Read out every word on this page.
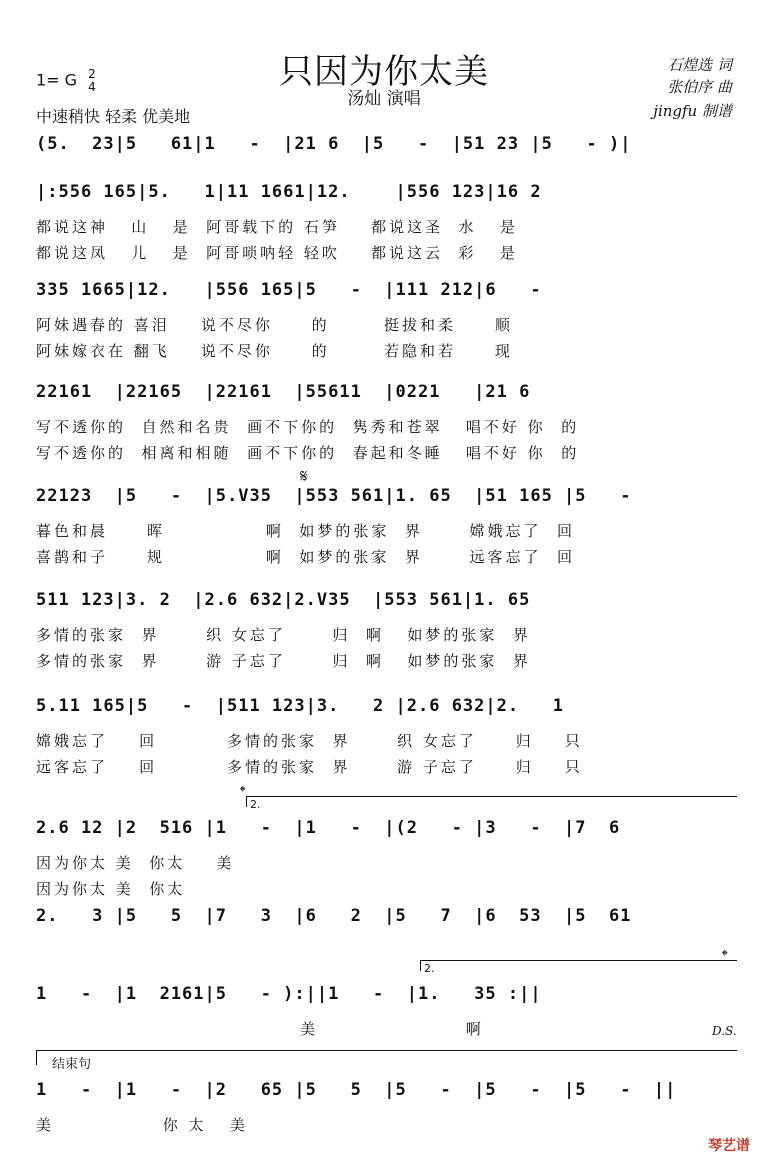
只因为你太美
汤灿 演唱
1= G 2
4
中速稍快 轻柔 优美地
石煌选 词
张伯序 曲
jingfu 制谱
(5.  23|5   61|1   -  |21 6  |5   -  |51 23 |5   - )|
|:556 165|5.   1|11 1661|12.    |556 123|16 2
都说这神   山   是  阿哥载下的 石笋    都说这圣  水   是
都说这凤   儿   是  阿哥唢呐轻 轻吹    都说这云  彩   是
335 1665|12.   |556 165|5   -  |111 212|6   -
阿妹遇春的 喜泪    说不尽你     的       挺拔和柔     顺
阿妹嫁衣在 翻飞    说不尽你     的       若隐和若     现
22161  |22165  |22161  |55611  |0221   |21 6
写不透你的  自然和名贵  画不下你的  隽秀和苍翠   唱不好 你  的
写不透你的  相离和相随  画不下你的  春起和冬睡   唱不好 你  的
22123  |5   -  |5.V35  |553 561|1. 65  |51 165 |5   -
暮色和晨     晖             啊  如梦的张家  界      嫦娥忘了  回
喜鹊和子     规             啊  如梦的张家  界      远客忘了  回
511 123|3. 2  |2.6 632|2.V35  |553 561|1. 65
多情的张家  界      织 女忘了      归  啊   如梦的张家  界
多情的张家  界      游 子忘了      归  啊   如梦的张家  界
5.11 165|5   -  |511 123|3.   2 |2.6 632|2.   1
嫦娥忘了    回         多情的张家  界      织 女忘了     归    只
远客忘了    回         多情的张家  界      游 子忘了     归    只
2.6 12 |2  516 |1   -  |1   -  |(2   - |3   -  |7  6
因为你太 美  你太    美
因为你太 美  你太
2.   3 |5   5  |7   3  |6   2  |5   7  |6  53  |5  61
1   -  |1  2161|5   - ):||1   -  |1.   35 :||
美                   啊
1   -  |1   -  |2   65 |5   5  |5   -  |5   -  |5   -  ||
美              你 太   美
𝄋
𝄌
𝄌
D.S.
结束句
2.
2.
琴艺谱
